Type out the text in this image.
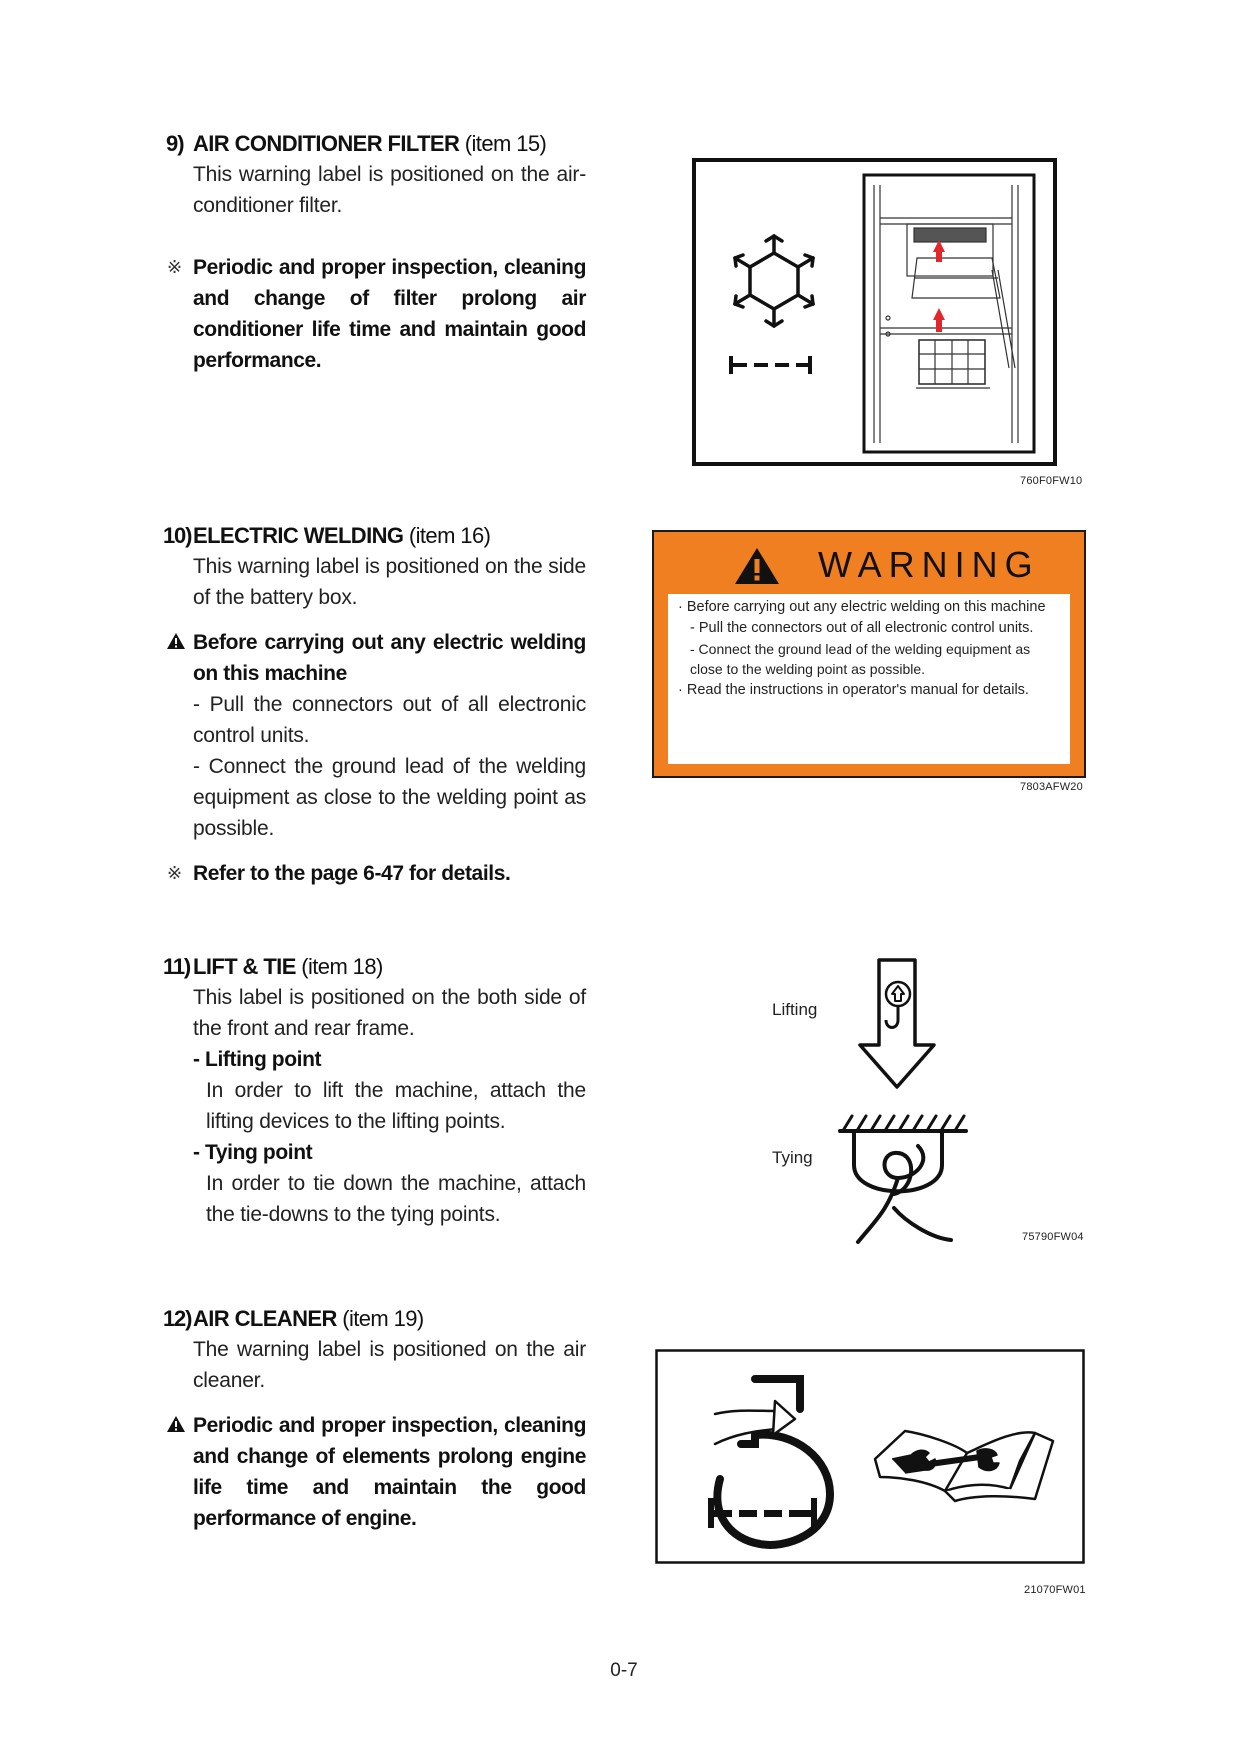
9) AIR CONDITIONER FILTER (item 15)
This warning label is positioned on the air-conditioner filter.
※ Periodic and proper inspection, cleaning and change of filter prolong air conditioner life time and maintain good performance.
760F0FW10
10)ELECTRIC WELDING (item 16)
This warning label is positioned on the side of the battery box.
Before carrying out any electric welding on this machine
- Pull the connectors out of all electronic control units.
- Connect the ground lead of the welding equipment as close to the welding point as possible.
※ Refer to the page 6-47 for details.
WARNING
· Before carrying out any electric welding on this machine
- Pull the connectors out of all electronic control units.
- Connect the ground lead of the welding equipment as close to the welding point as possible.
· Read the instructions in operator's manual for details.
7803AFW20
11) LIFT & TIE (item 18)
This label is positioned on the both side of the front and rear frame.
- Lifting point
In order to lift the machine, attach the lifting devices to the lifting points.
- Tying point
In order to tie down the machine, attach the tie-downs to the tying points.
Lifting
Tying
75790FW04
12)AIR CLEANER (item 19)
The warning label is positioned on the air cleaner.
Periodic and proper inspection, cleaning and change of elements prolong engine life time and maintain the good performance of engine.
21070FW01
0-7
